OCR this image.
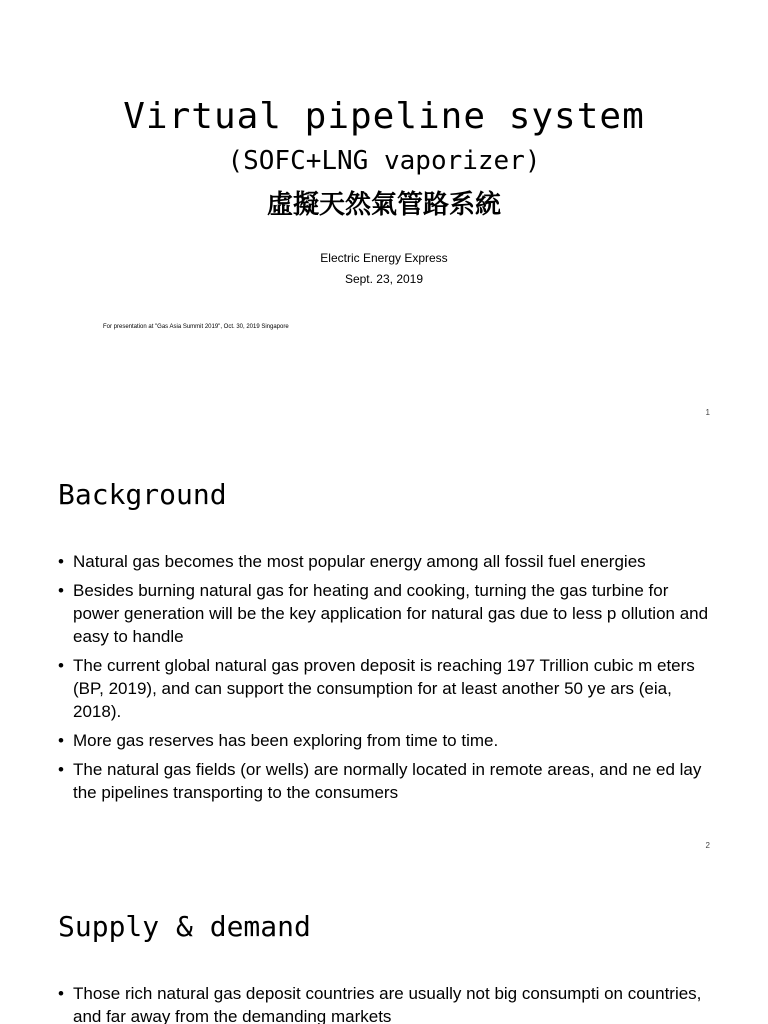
Virtual pipeline system
(SOFC+LNG vaporizer)
虛擬天然氣管路系統
Electric Energy Express
Sept. 23, 2019
For presentation at "Gas Asia Summit 2019", Oct. 30, 2019 Singapore
1
Background
• Natural gas becomes the most popular energy among all fossil fuel energies
• Besides burning natural gas for heating and cooking, turning the gas turbine for power generation will be the key application for natural gas due to less p ollution and easy to handle
• The current global natural gas proven deposit is reaching 197 Trillion cubic m eters (BP, 2019), and can support the consumption for at least another 50 ye ars (eia, 2018).
• More gas reserves has been exploring from time to time.
• The natural gas fields (or wells) are normally located in remote areas, and ne ed lay the pipelines transporting to the consumers
2
Supply & demand
• Those rich natural gas deposit countries are usually not big consumpti on countries, and far away from the demanding markets
